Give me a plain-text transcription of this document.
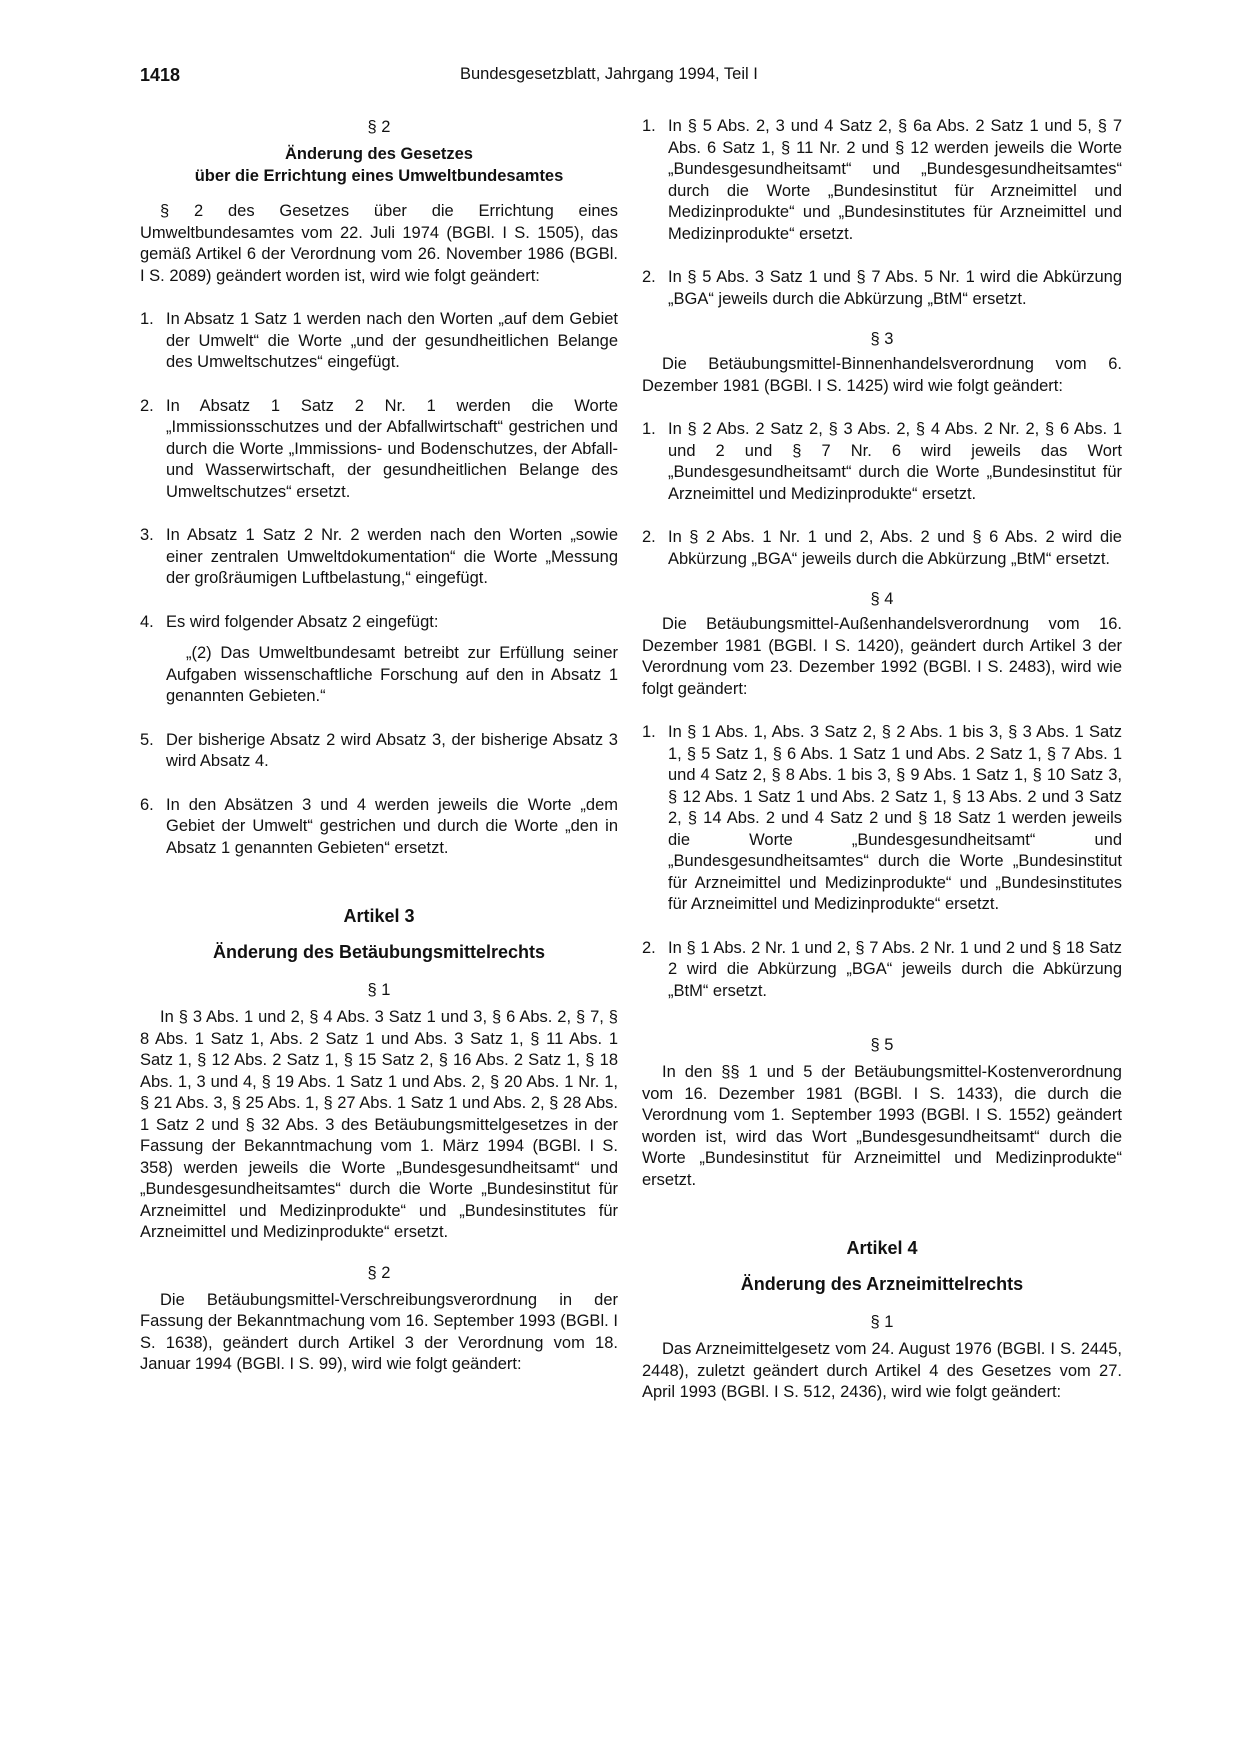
1418	Bundesgesetzblatt, Jahrgang 1994, Teil I

§ 2

Änderung des Gesetzes

über die Errichtung eines Umweltbundesamtes

§ 2 des Gesetzes über die Errichtung eines Umweltbundesamtes vom 22. Juli 1974 (BGBl. I S. 1505), das gemäß Artikel 6 der Verordnung vom 26. November 1986 (BGBl. I S. 2089) geändert worden ist, wird wie folgt geändert:

1. In Absatz 1 Satz 1 werden nach den Worten „auf dem Gebiet der Umwelt“ die Worte „und der gesundheitlichen Belange des Umweltschutzes“ eingefügt.
2. In Absatz 1 Satz 2 Nr. 1 werden die Worte „Immissionsschutzes und der Abfallwirtschaft“ gestrichen und durch die Worte „Immissions- und Bodenschutzes, der Abfall- und Wasserwirtschaft, der gesundheitlichen Belange des Umweltschutzes“ ersetzt.
3. In Absatz 1 Satz 2 Nr. 2 werden nach den Worten „sowie einer zentralen Umweltdokumentation“ die Worte „Messung der großräumigen Luftbelastung,“ eingefügt.
4. Es wird folgender Absatz 2 eingefügt:

„(2) Das Umweltbundesamt betreibt zur Erfüllung seiner Aufgaben wissenschaftliche Forschung auf den in Absatz 1 genannten Gebieten.“

5. Der bisherige Absatz 2 wird Absatz 3, der bisherige Absatz 3 wird Absatz 4.
6. In den Absätzen 3 und 4 werden jeweils die Worte „dem Gebiet der Umwelt“ gestrichen und durch die Worte „den in Absatz 1 genannten Gebieten“ ersetzt.

Artikel 3

Änderung des Betäubungsmittelrechts

§ 1

In § 3 Abs. 1 und 2, § 4 Abs. 3 Satz 1 und 3, § 6 Abs. 2, § 7, § 8 Abs. 1 Satz 1, Abs. 2 Satz 1 und Abs. 3 Satz 1, § 11 Abs. 1 Satz 1, § 12 Abs. 2 Satz 1, § 15 Satz 2, § 16 Abs. 2 Satz 1, § 18 Abs. 1, 3 und 4, § 19 Abs. 1 Satz 1 und Abs. 2, § 20 Abs. 1 Nr. 1, § 21 Abs. 3, § 25 Abs. 1, § 27 Abs. 1 Satz 1 und Abs. 2, § 28 Abs. 1 Satz 2 und § 32 Abs. 3 des Betäubungsmittelgesetzes in der Fassung der Bekanntmachung vom 1. März 1994 (BGBl. I S. 358) werden jeweils die Worte „Bundesgesundheitsamt“ und „Bundesgesundheitsamtes“ durch die Worte „Bundesinstitut für Arzneimittel und Medizinprodukte“ und „Bundesinstitutes für Arzneimittel und Medizinprodukte“ ersetzt.

§ 2

Die Betäubungsmittel-Verschreibungsverordnung in der Fassung der Bekanntmachung vom 16. September 1993 (BGBl. I S. 1638), geändert durch Artikel 3 der Verordnung vom 18. Januar 1994 (BGBl. I S. 99), wird wie folgt geändert:

1. In § 5 Abs. 2, 3 und 4 Satz 2, § 6a Abs. 2 Satz 1 und 5, § 7 Abs. 6 Satz 1, § 11 Nr. 2 und § 12 werden jeweils die Worte „Bundesgesundheitsamt“ und „Bundesgesundheitsamtes“ durch die Worte „Bundesinstitut für Arzneimittel und Medizinprodukte“ und „Bundesinstitutes für Arzneimittel und Medizinprodukte“ ersetzt.
2. In § 5 Abs. 3 Satz 1 und § 7 Abs. 5 Nr. 1 wird die Abkürzung „BGA“ jeweils durch die Abkürzung „BtM“ ersetzt.

§ 3

Die Betäubungsmittel-Binnenhandelsverordnung vom 6. Dezember 1981 (BGBl. I S. 1425) wird wie folgt geändert:

1. In § 2 Abs. 2 Satz 2, § 3 Abs. 2, § 4 Abs. 2 Nr. 2, § 6 Abs. 1 und 2 und § 7 Nr. 6 wird jeweils das Wort „Bundesgesundheitsamt“ durch die Worte „Bundesinstitut für Arzneimittel und Medizinprodukte“ ersetzt.
2. In § 2 Abs. 1 Nr. 1 und 2, Abs. 2 und § 6 Abs. 2 wird die Abkürzung „BGA“ jeweils durch die Abkürzung „BtM“ ersetzt.

§ 4

Die Betäubungsmittel-Außenhandelsverordnung vom 16. Dezember 1981 (BGBl. I S. 1420), geändert durch Artikel 3 der Verordnung vom 23. Dezember 1992 (BGBl. I S. 2483), wird wie folgt geändert:

1. In § 1 Abs. 1, Abs. 3 Satz 2, § 2 Abs. 1 bis 3, § 3 Abs. 1 Satz 1, § 5 Satz 1, § 6 Abs. 1 Satz 1 und Abs. 2 Satz 1, § 7 Abs. 1 und 4 Satz 2, § 8 Abs. 1 bis 3, § 9 Abs. 1 Satz 1, § 10 Satz 3, § 12 Abs. 1 Satz 1 und Abs. 2 Satz 1, § 13 Abs. 2 und 3 Satz 2, § 14 Abs. 2 und 4 Satz 2 und § 18 Satz 1 werden jeweils die Worte „Bundesgesundheitsamt“ und „Bundesgesundheitsamtes“ durch die Worte „Bundesinstitut für Arzneimittel und Medizinprodukte“ und „Bundesinstitutes für Arzneimittel und Medizinprodukte“ ersetzt.
2. In § 1 Abs. 2 Nr. 1 und 2, § 7 Abs. 2 Nr. 1 und 2 und § 18 Satz 2 wird die Abkürzung „BGA“ jeweils durch die Abkürzung „BtM“ ersetzt.

§ 5

In den §§ 1 und 5 der Betäubungsmittel-Kostenverordnung vom 16. Dezember 1981 (BGBl. I S. 1433), die durch die Verordnung vom 1. September 1993 (BGBl. I S. 1552) geändert worden ist, wird das Wort „Bundesgesundheitsamt“ durch die Worte „Bundesinstitut für Arzneimittel und Medizinprodukte“ ersetzt.

Artikel 4

Änderung des Arzneimittelrechts

§ 1

Das Arzneimittelgesetz vom 24. August 1976 (BGBl. I S. 2445, 2448), zuletzt geändert durch Artikel 4 des Gesetzes vom 27. April 1993 (BGBl. I S. 512, 2436), wird wie folgt geändert:
